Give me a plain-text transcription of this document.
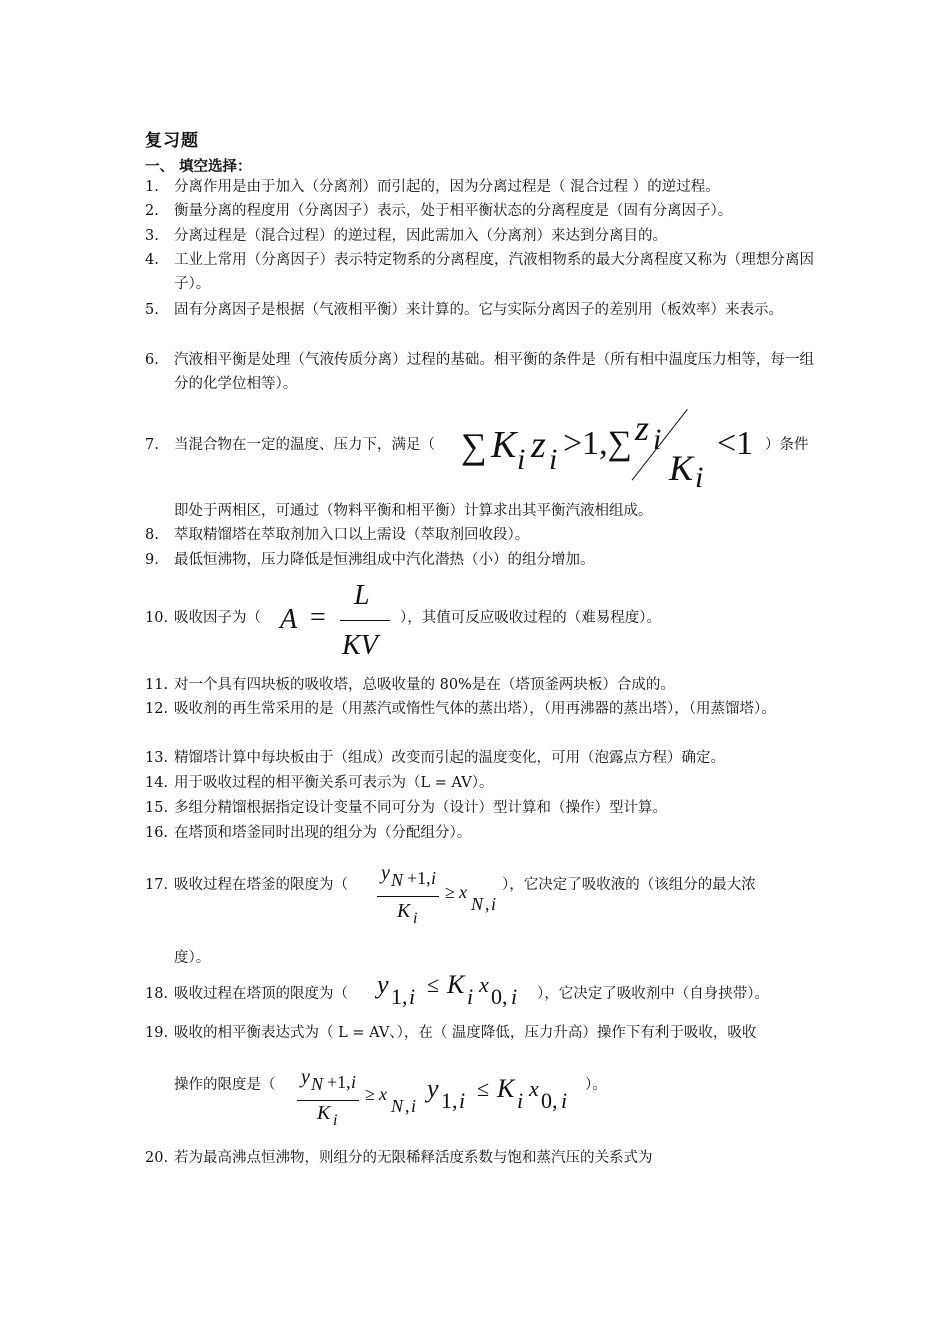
复习题
一、 填空选择：
1. 分离作用是由于加入（分离剂）而引起的，因为分离过程是（ 混合过程 ）的逆过程。
2. 衡量分离的程度用（分离因子）表示，处于相平衡状态的分离程度是（固有分离因子）。
3. 分离过程是（混合过程）的逆过程，因此需加入（分离剂）来达到分离目的。
4. 工业上常用（分离因子）表示特定物系的分离程度，汽液相物系的最大分离程度又称为（理想分离因子）。
5. 固有分离因子是根据（气液相平衡）来计算的。它与实际分离因子的差别用（板效率）来表示。
6. 汽液相平衡是处理（气液传质分离）过程的基础。相平衡的条件是（所有相中温度压力相等，每一组分的化学位相等）。
7. 当混合物在一定的温度、压力下，满足（	）条件
∑ K i z i >1,∑ z i
K i
<1
即处于两相区，可通过（物料平衡和相平衡）计算求出其平衡汽液相组成。
8. 萃取精馏塔在萃取剂加入口以上需设（萃取剂回收段）。
9. 最低恒沸物，压力降低是恒沸组成中汽化潜热（小）的组分增加。
10. 吸收因子为（	），其值可反应吸收过程的（难易程度）。
A =
L
KV
11. 对一个具有四块板的吸收塔，总吸收量的 80%是在（塔顶釜两块板）合成的。
12. 吸收剂的再生常采用的是（用蒸汽或惰性气体的蒸出塔），（用再沸器的蒸出塔），（用蒸馏塔）。
13. 精馏塔计算中每块板由于（组成）改变而引起的温度变化，可用（泡露点方程）确定。
14. 用于吸收过程的相平衡关系可表示为（L = AV）。
15. 多组分精馏根据指定设计变量不同可分为（设计）型计算和（操作）型计算。
16. 在塔顶和塔釜同时出现的组分为（分配组分）。
17. 吸收过程在塔釜的限度为（	），它决定了吸收液的（该组分的最大浓
y N +1, i
K i
≥ x
N , i
度）。
18. 吸收过程在塔顶的限度为（	），它决定了吸收剂中（自身挟带）。
y 1, i ≤ K i x 0, i
19. 吸收的相平衡表达式为（ L = AV、），在（ 温度降低，压力升高）操作下有利于吸收，吸收
操作的限度是（ y N +1, i
K i
≥ x
N , i
y 1, i ≤ K i x 0, i
）。
20. 若为最高沸点恒沸物，则组分的无限稀释活度系数与饱和蒸汽压的关系式为
